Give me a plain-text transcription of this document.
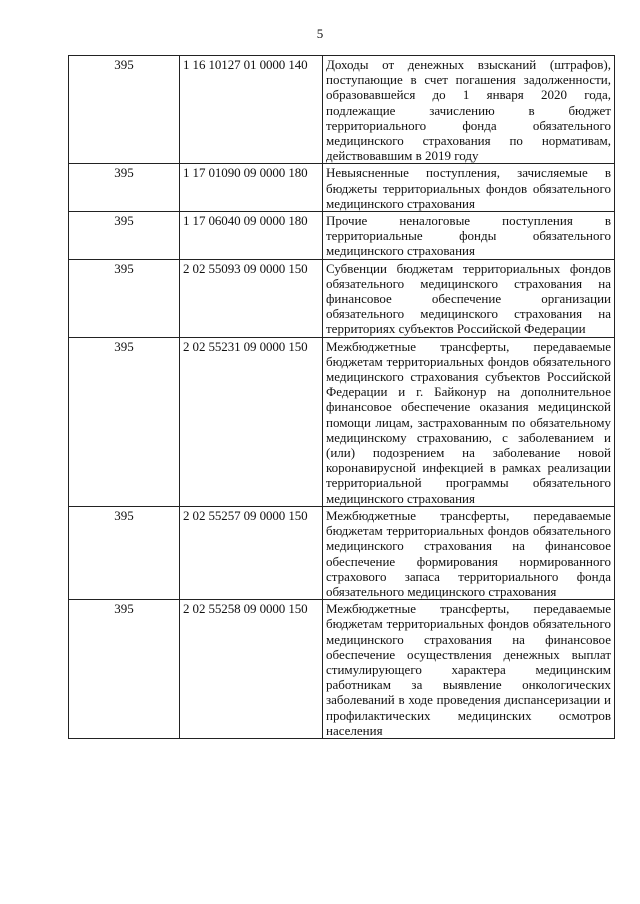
5
395	1 16 10127 01 0000 140	Доходы от денежных взысканий (штрафов), поступающие в счет погашения задолженности, образовавшейся до 1 января 2020 года, подлежащие зачислению в бюджет территориального фонда обязательного медицинского страхования по нормативам, действовавшим в 2019 году
395	1 17 01090 09 0000 180	Невыясненные поступления, зачисляемые в бюджеты территориальных фондов обязательного медицинского страхования
395	1 17 06040 09 0000 180	Прочие неналоговые поступления в территориальные фонды обязательного медицинского страхования
395	2 02 55093 09 0000 150	Субвенции бюджетам территориальных фондов обязательного медицинского страхования на финансовое обеспечение организации обязательного медицинского страхования на территориях субъектов Российской Федерации
395	2 02 55231 09 0000 150	Межбюджетные трансферты, передаваемые бюджетам территориальных фондов обязательного медицинского страхования субъектов Российской Федерации и г. Байконур на дополнительное финансовое обеспечение оказания медицинской помощи лицам, застрахованным по обязательному медицинскому страхованию, с заболеванием и (или) подозрением на заболевание новой коронавирусной инфекцией в рамках реализации территориальной программы обязательного медицинского страхования
395	2 02 55257 09 0000 150	Межбюджетные трансферты, передаваемые бюджетам территориальных фондов обязательного медицинского страхования на финансовое обеспечение формирования нормированного страхового запаса территориального фонда обязательного медицинского страхования
395	2 02 55258 09 0000 150	Межбюджетные трансферты, передаваемые бюджетам территориальных фондов обязательного медицинского страхования на финансовое обеспечение осуществления денежных выплат стимулирующего характера медицинским работникам за выявление онкологических заболеваний в ходе проведения диспансеризации и профилактических медицинских осмотров населения
